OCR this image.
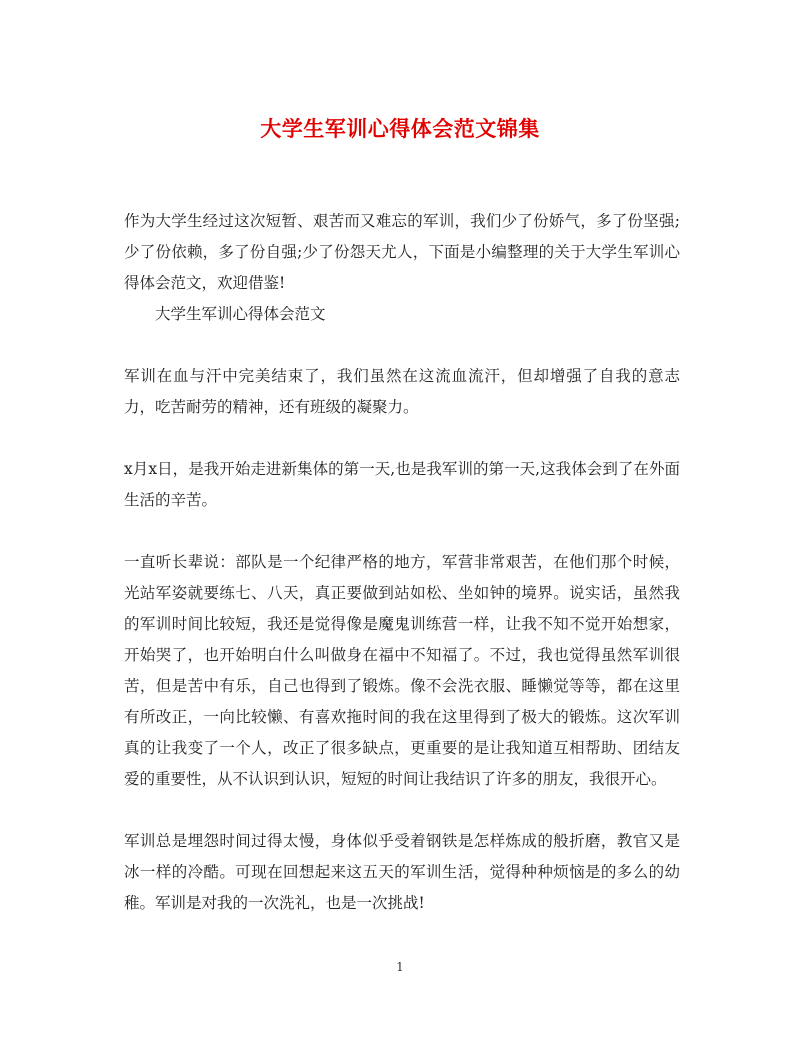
大学生军训心得体会范文锦集

作为大学生经过这次短暂、艰苦而又难忘的军训，我们少了份娇气，多了份坚强;少了份依赖，多了份自强;少了份怨天尤人，下面是小编整理的关于大学生军训心得体会范文，欢迎借鉴!

大学生军训心得体会范文

军训在血与汗中完美结束了，我们虽然在这流血流汗，但却增强了自我的意志力，吃苦耐劳的精神，还有班级的凝聚力。

x月x日，是我开始走进新集体的第一天,也是我军训的第一天,这我体会到了在外面生活的辛苦。

一直听长辈说：部队是一个纪律严格的地方，军营非常艰苦，在他们那个时候，光站军姿就要练七、八天，真正要做到站如松、坐如钟的境界。说实话，虽然我的军训时间比较短，我还是觉得像是魔鬼训练营一样，让我不知不觉开始想家，开始哭了，也开始明白什么叫做身在福中不知福了。不过，我也觉得虽然军训很苦，但是苦中有乐，自己也得到了锻炼。像不会洗衣服、睡懒觉等等，都在这里有所改正，一向比较懒、有喜欢拖时间的我在这里得到了极大的锻炼。这次军训真的让我变了一个人，改正了很多缺点，更重要的是让我知道互相帮助、团结友爱的重要性，从不认识到认识，短短的时间让我结识了许多的朋友，我很开心。

军训总是埋怨时间过得太慢，身体似乎受着钢铁是怎样炼成的般折磨，教官又是冰一样的冷酷。可现在回想起来这五天的军训生活，觉得种种烦恼是的多么的幼稚。军训是对我的一次洗礼，也是一次挑战!

1
